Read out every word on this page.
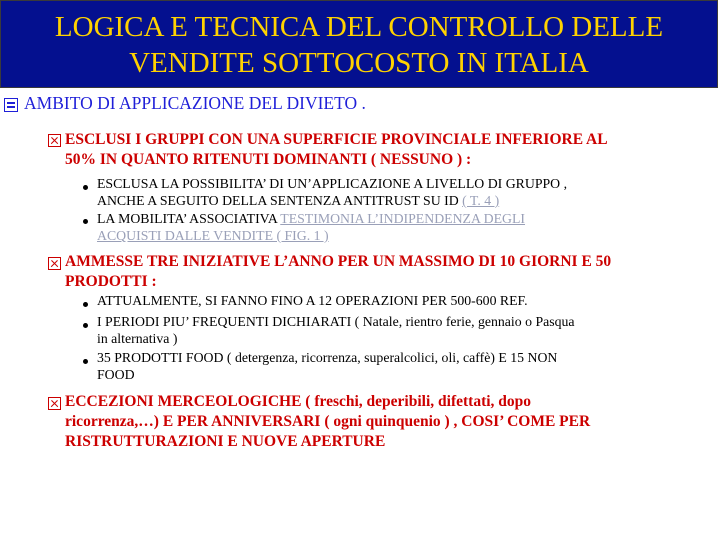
LOGICA E TECNICA DEL CONTROLLO DELLE
VENDITE SOTTOCOSTO IN ITALIA
AMBITO DI APPLICAZIONE DEL DIVIETO .
ESCLUSI I GRUPPI CON UNA SUPERFICIE PROVINCIALE INFERIORE AL
50% IN QUANTO RITENUTI DOMINANTI ( NESSUNO ) :
ESCLUSA LA POSSIBILITA’ DI UN’APPLICAZIONE A LIVELLO DI GRUPPO ,
ANCHE A SEGUITO DELLA SENTENZA ANTITRUST SU ID ( T. 4 )
LA MOBILITA’ ASSOCIATIVA TESTIMONIA L’INDIPENDENZA DEGLI
ACQUISTI DALLE VENDITE ( FIG. 1 )
AMMESSE TRE INIZIATIVE L’ANNO PER UN MASSIMO DI 10 GIORNI E 50
PRODOTTI :
ATTUALMENTE, SI FANNO FINO A 12 OPERAZIONI PER 500-600 REF.
I PERIODI PIU’ FREQUENTI DICHIARATI ( Natale, rientro ferie, gennaio o Pasqua
in alternativa )
35 PRODOTTI FOOD ( detergenza, ricorrenza, superalcolici, oli, caffè) E 15 NON
FOOD
ECCEZIONI MERCEOLOGICHE ( freschi, deperibili, difettati, dopo
ricorrenza,…) E PER ANNIVERSARI ( ogni quinquenio ) , COSI’ COME PER
RISTRUTTURAZIONI E NUOVE APERTURE
